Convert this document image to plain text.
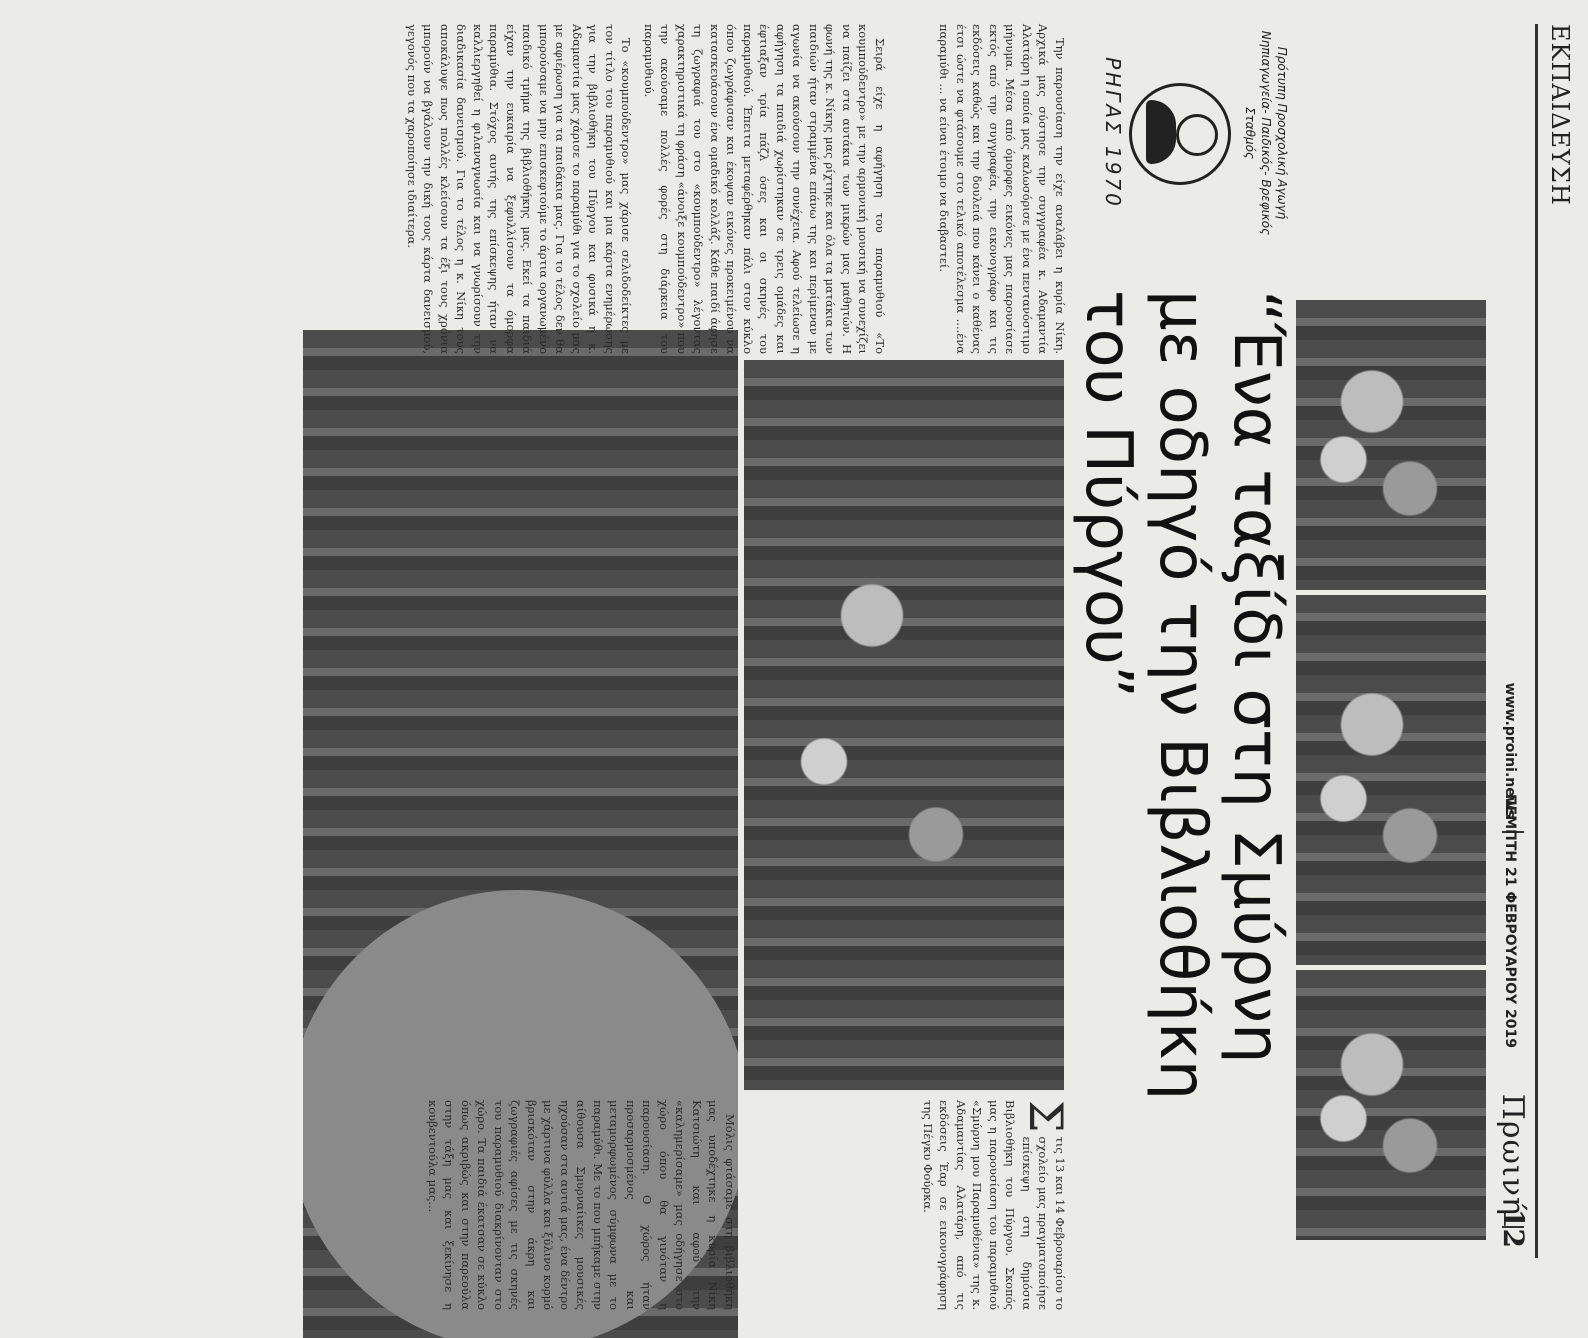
ΕΚΠΑΙΔΕΥΣΗ
www.proini.news
ΠΕΜΠΤΗ 21 ΦΕΒΡΟΥΑΡΙΟΥ 2019
Πρωινή
12
Πρότυπη Προσχολική Αγωγή
Νηπιαγωγεία- Παιδικός- Βρεφικός
Σταθμός
ΡΗΓΑΣ 1970
“Ένα ταξίδι στη Σμύρνη
με οδηγό την Βιβλιοθήκη
του Πύργου”

Την παρουσίαση την είχε αναλάβει η κυρία Νίκη. Αρχικά μας σύστησε την συγγραφέα κ. Αδαμαντία Αλατάρη η οποία μας καλωσόρισε με ένα πεντανόστιμο μήνυμα. Μέσα από όμορφες εικόνες μας παρουσίασε εκτός από την συγγραφέα, την εικονογράφο και τις εκδόσεις καθώς και την δουλειά που κάνει ο καθένας έτσι ώστε να φτάσουμε στο τελικό αποτέλεσμα ....ένα παραμύθι ... να είναι έτοιμο να διαβαστεί.

Σ
τις 13 και 14 Φεβρουαρίου το σχολείο μας πραγματοποίησε επίσκεψη στη δημόσια Βιβλιοθήκη του Πύργου. Σκοπός μας η παρουσίαση του παραμυθιού «Σμύρνη μου Παραμυθένια» της κ. Αδαμαντίας Αλατάρη, από τις εκδόσεις Έαρ σε εικονογράφηση της Πέγκυ Φούρκα.

Μόλις φτάσαμε στη βιβλιοθήκη μας υποδέχτηκε η κυρία Νίκη Κατσιώτη και αφού την «καλημερίσαμε» μας οδήγησε στο χώρο όπου θα γινόταν η παρουσίαση. Ο χώρος ήταν προσαρμοσμένος και μεταμορφωμένος σύμφωνα με το παραμύθι. Με το που μπήκαμε στην αίθουσα Σμυρναίικες μουσικές ηχούσαν στα αυτιά μας, ένα δέντρο με χάρτινα φύλλα και ξύλινο κορμό βρισκόταν στην άκρη και ζωγραφιές αφίσες με τις σκηνές του παραμυθιού διακρίνονταν στο χώρο. Τα παιδιά έκατσαν σε κύκλο όπως ακριβώς και στην παρεούλα στην τάξη μας και ξεκίνησε η κουβεντούλα μας...

Σειρά είχε η αφήγηση του παραμυθιού «Το κουμπούδεντρο» με την αρμονική μουσική να συνεχίζει να παίζει στα αυτάκια των μικρών μας μαθητών. Η φωνή της κ. Νίκης μας ρίχτηκε και όλα τα ματάκια των παιδιών ήταν στραμμένα επάνω της και περίμεναν με αγωνία να ακούσουν την συνέχεια. Αφού τελείωσε η αφήγηση τα παιδιά χωρίστηκαν σε τρεις ομάδες και έφτιαξαν τρία πάζλ όσες και οι σκηνές του παραμυθιού. Έπειτα μεταφέρθηκαν πάλι στον κύκλο όπου ζωγράφισαν και έκοψαν εικόνες προκειμένου να κατασκευάσουν ένα ομαδικό κολλάζ. Κάθε παιδί άφησε τη ζωγραφιά του στο «κουμπούδεντρο» λέγοντας χαρακτηριστικά τη φράση «άνοιξε κουμπούδεντρο» που την ακούσαμε πολλές φορές στη διάρκεια του παραμυθιού.

Το «κουμπούδεντρο» μας χάρισε σελιδοδείκτες με τον τίτλο του παραμυθιού και μια κάρτα ενημέρωσης για την βιβλιοθήκη του Πύργου και φυσικά η κ. Αδαμαντία μας χάρισε το παραμύθι για το σχολείο μας με αφιέρωση για τα παιδάκια μας. Για το τέλος δεν θα μπορούσαμε να μην επισκεφτούμε το άρτια οργανωμένο παιδικό τμήμα της βιβλιοθήκης μας. Εκεί τα παιδιά είχαν την ευκαιρία να ξεφυλλίσουν τα όμορφα παραμύθια. Στόχος αυτής της επίσκεψης ήταν να καλλιεργηθεί η φιλαναγνωσία και να γνωρίσουν την διαδικασία δανεισμού. Για το τέλος η κ. Νίκη τους αποκάλυψε πως πολλές κλείσουν τα έξι τους χρόνια μπορούν να βγάλουν την δική τους κάρτα δανεισμού, γεγονός που τα χαροποίησε ιδιαίτερα.
